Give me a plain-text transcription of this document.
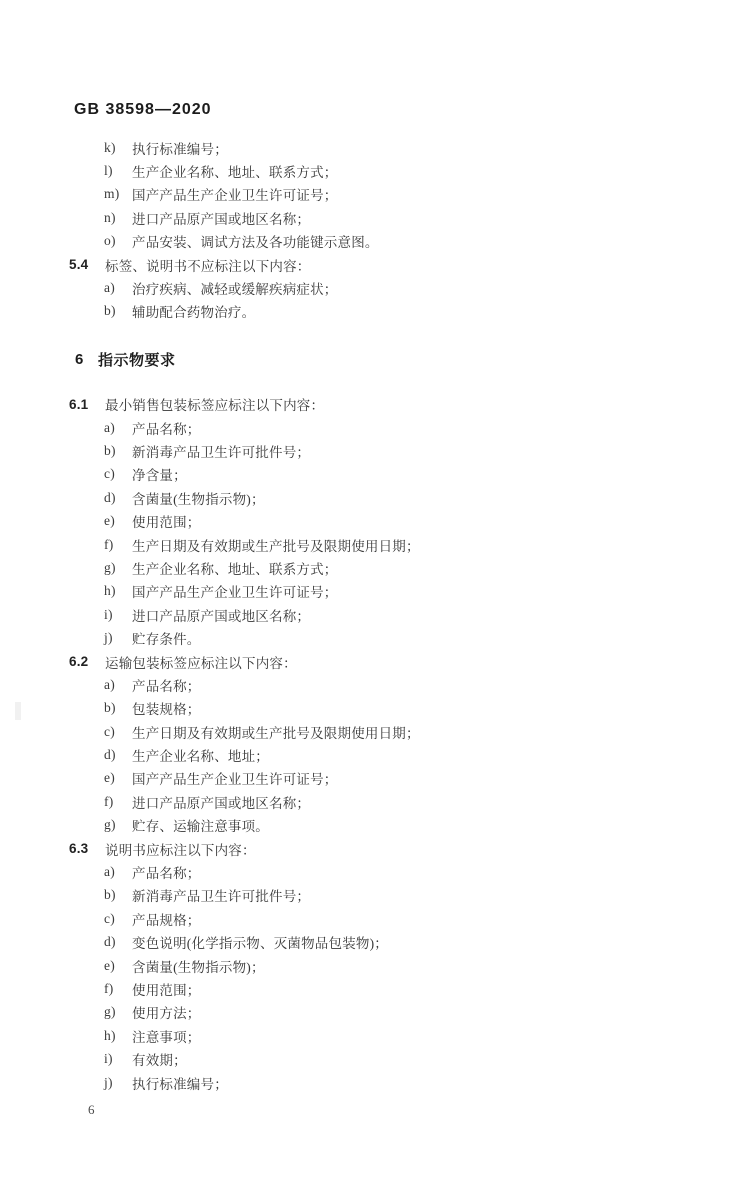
GB 38598—2020
k)	执行标准编号；
l)	生产企业名称、地址、联系方式；
m) 国产产品生产企业卫生许可证号；
n)	进口产品原产国或地区名称；
o)	产品安装、调试方法及各功能键示意图。
5.4	标签、说明书不应标注以下内容：
a)	治疗疾病、减轻或缓解疾病症状；
b)	辅助配合药物治疗。
6 指示物要求
6.1	最小销售包装标签应标注以下内容：
a)	产品名称；
b)	新消毒产品卫生许可批件号；
c)	净含量；
d)	含菌量(生物指示物)；
e)	使用范围；
f)	生产日期及有效期或生产批号及限期使用日期；
g)	生产企业名称、地址、联系方式；
h)	国产产品生产企业卫生许可证号；
i)	进口产品原产国或地区名称；
j)	贮存条件。
6.2	运输包装标签应标注以下内容：
a)	产品名称；
b)	包装规格；
c)	生产日期及有效期或生产批号及限期使用日期；
d)	生产企业名称、地址；
e)	国产产品生产企业卫生许可证号；
f)	进口产品原产国或地区名称；
g)	贮存、运输注意事项。
6.3	说明书应标注以下内容：
a)	产品名称；
b)	新消毒产品卫生许可批件号；
c)	产品规格；
d)	变色说明(化学指示物、灭菌物品包装物)；
e)	含菌量(生物指示物)；
f)	使用范围；
g)	使用方法；
h)	注意事项；
i)	有效期；
j)	执行标准编号；
6
